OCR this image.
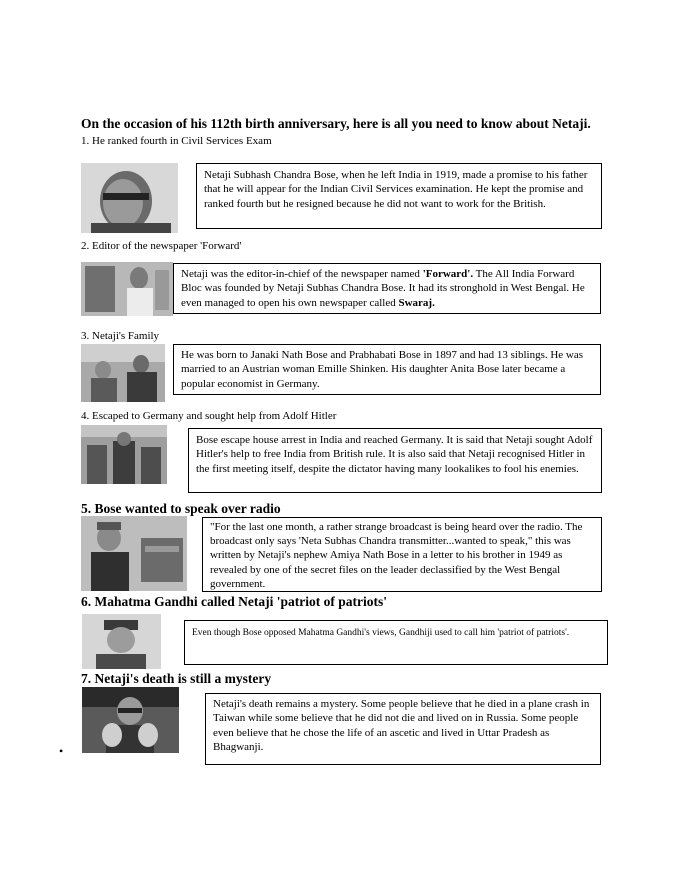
On the occasion of his 112th birth anniversary, here is all you need to know about Netaji.
1. He ranked fourth in Civil Services Exam
Netaji Subhash Chandra Bose, when he left India in 1919, made a promise to his father that he will appear for the Indian Civil Services examination. He kept the promise and ranked fourth but he resigned because he did not want to work for the British.
2. Editor of the newspaper 'Forward'
Netaji was the editor-in-chief of the newspaper named 'Forward'. The All India Forward Bloc was founded by Netaji Subhas Chandra Bose. It had its stronghold in West Bengal. He even managed to open his own newspaper called Swaraj.
3. Netaji's Family
He was born to Janaki Nath Bose and Prabhabati Bose in 1897 and had 13 siblings. He was married to an Austrian woman Emille Shinken. His daughter Anita Bose later became a popular economist in Germany.
4. Escaped to Germany and sought help from Adolf Hitler
Bose escape house arrest in India and reached Germany. It is said that Netaji sought Adolf Hitler's help to free India from British rule. It is also said that Netaji recognised Hitler in the first meeting itself, despite the dictator having many lookalikes to fool his enemies.
5. Bose wanted to speak over radio
"For the last one month, a rather strange broadcast is being heard over the radio. The broadcast only says 'Neta Subhas Chandra transmitter...wanted to speak," this was written by Netaji's nephew Amiya Nath Bose in a letter to his brother in 1949 as revealed by one of the secret files on the leader declassified by the West Bengal government.
6. Mahatma Gandhi called Netaji 'patriot of patriots'
Even though Bose opposed Mahatma Gandhi's views, Gandhiji used to call him 'patriot of patriots'.
7. Netaji's death is still a mystery
Netaji's death remains a mystery. Some people believe that he died in a plane crash in Taiwan while some believe that he did not die and lived on in Russia. Some people even believe that he chose the life of an ascetic and lived in Uttar Pradesh as Bhagwanji.
•
